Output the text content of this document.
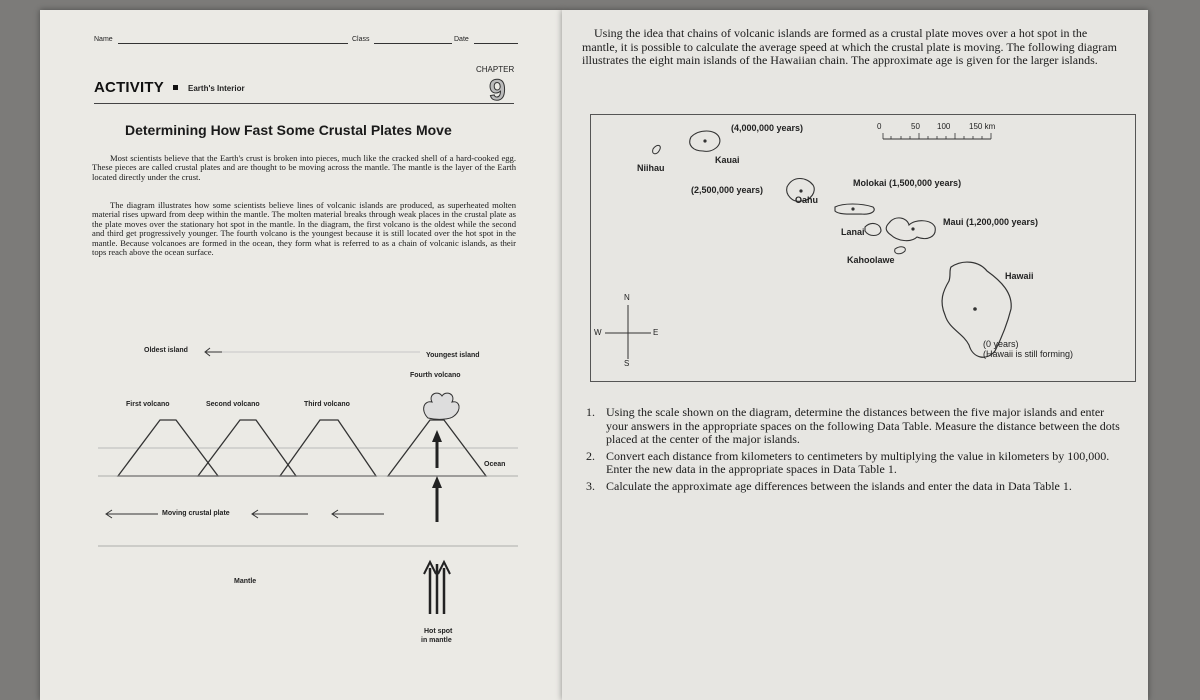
Name	Class	Date
CHAPTER
9
ACTIVITY	Earth's Interior
Determining How Fast Some Crustal Plates Move
Most scientists believe that the Earth's crust is broken into pieces, much like the cracked shell of a hard-cooked egg. These pieces are called crustal plates and are thought to be moving across the mantle. The mantle is the layer of the Earth located directly under the crust.
The diagram illustrates how some scientists believe lines of volcanic islands are produced, as superheated molten material rises upward from deep within the mantle. The molten material breaks through weak places in the crustal plate as the plate moves over the stationary hot spot in the mantle. In the diagram, the first volcano is the oldest while the second and third get progressively younger. The fourth volcano is the youngest because it is still located over the hot spot in the mantle. Because volcanoes are formed in the ocean, they form what is referred to as a chain of volcanic islands, as their tops reach above the ocean surface.
Oldest island
Youngest island
Fourth volcano
First volcano	Second volcano	Third volcano
Ocean
Moving crustal plate
Mantle
Hot spot
in mantle
Using the idea that chains of volcanic islands are formed as a crustal plate moves over a hot spot in the mantle, it is possible to calculate the average speed at which the crustal plate is moving. The following diagram illustrates the eight main islands of the Hawaiian chain. The approximate age is given for the larger islands.
0	50 100 150 km
(4,000,000 years)
Niihau
Kauai
(2,500,000 years)
Oahu
Molokai (1,500,000 years)
Lanai
Maui (1,200,000 years)
Kahoolawe
Hawaii
(0 years)
(Hawaii is still forming)
N
S
E
W
1. Using the scale shown on the diagram, determine the distances between the five major islands and enter your answers in the appropriate spaces on the following Data Table. Measure the distance between the dots placed at the center of the major islands.
2. Convert each distance from kilometers to centimeters by multiplying the value in kilometers by 100,000. Enter the new data in the appropriate spaces in Data Table 1.
3. Calculate the approximate age differences between the islands and enter the data in Data Table 1.
